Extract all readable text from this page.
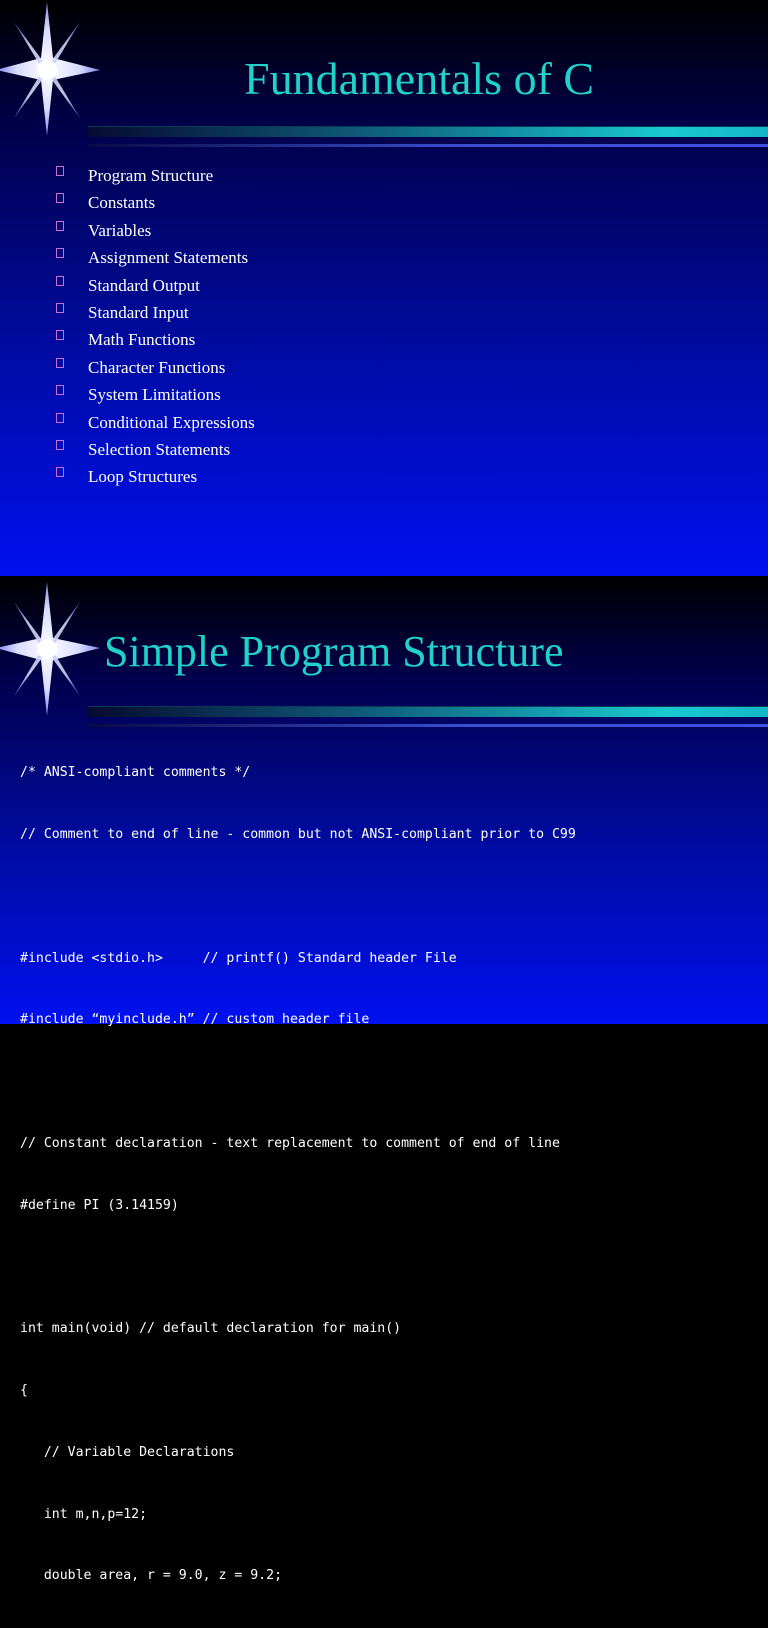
Fundamentals of C
Program Structure
Constants
Variables
Assignment Statements
Standard Output
Standard Input
Math Functions
Character Functions
System Limitations
Conditional Expressions
Selection Statements
Loop Structures
Simple Program Structure

/* ANSI-compliant comments */

// Comment to end of line - common but not ANSI-compliant prior to C99

#include <stdio.h>     // printf() Standard header File

#include “myinclude.h” // custom header file

// Constant declaration - text replacement to comment of end of line

#define PI (3.14159)

int main(void) // default declaration for main()

{

// Variable Declarations

int m,n,p=12;

double area, r = 9.0, z = 9.2;
